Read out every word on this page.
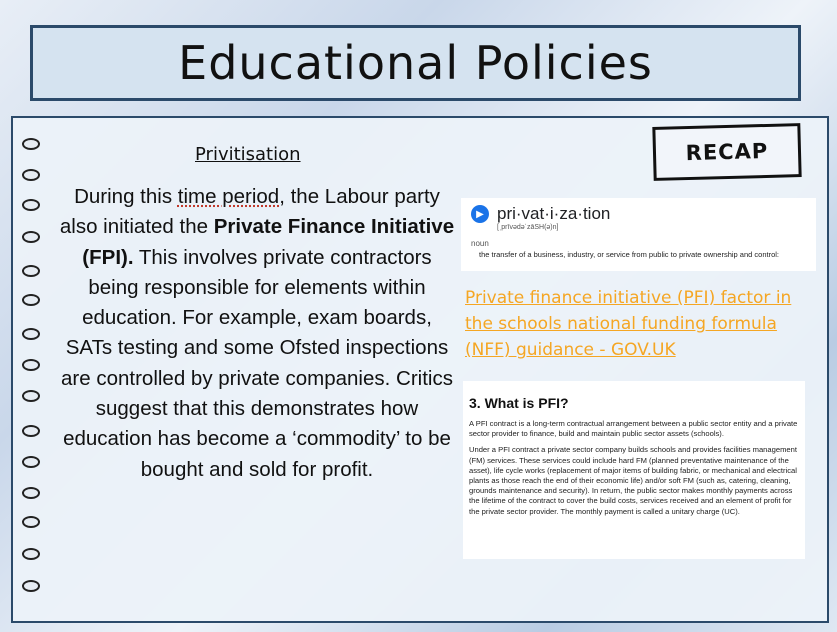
Educational Policies
Privitisation
During this time period, the Labour party also initiated the Private Finance Initiative (FPI). This involves private contractors being responsible for elements within education. For example, exam boards, SATs testing and some Ofsted inspections are controlled by private companies. Critics suggest that this demonstrates how education has become a ‘commodity’ to be bought and sold for profit.
RECAP
▶ pri·vat·i·za·tion
[ˌprīvədəˈzāSH(ə)n]
noun
the transfer of a business, industry, or service from public to private ownership and control:
Private finance initiative (PFI) factor in the schools national funding formula (NFF) guidance - GOV.UK
3. What is PFI?

A PFI contract is a long-term contractual arrangement between a public sector entity and a private sector provider to finance, build and maintain public sector assets (schools).

Under a PFI contract a private sector company builds schools and provides facilities management (FM) services. These services could include hard FM (planned preventative maintenance of the asset), life cycle works (replacement of major items of building fabric, or mechanical and electrical plants as those reach the end of their economic life) and/or soft FM (such as, catering, cleaning, grounds maintenance and security). In return, the public sector makes monthly payments across the lifetime of the contract to cover the build costs, services received and an element of profit for the private sector provider. The monthly payment is called a unitary charge (UC).
